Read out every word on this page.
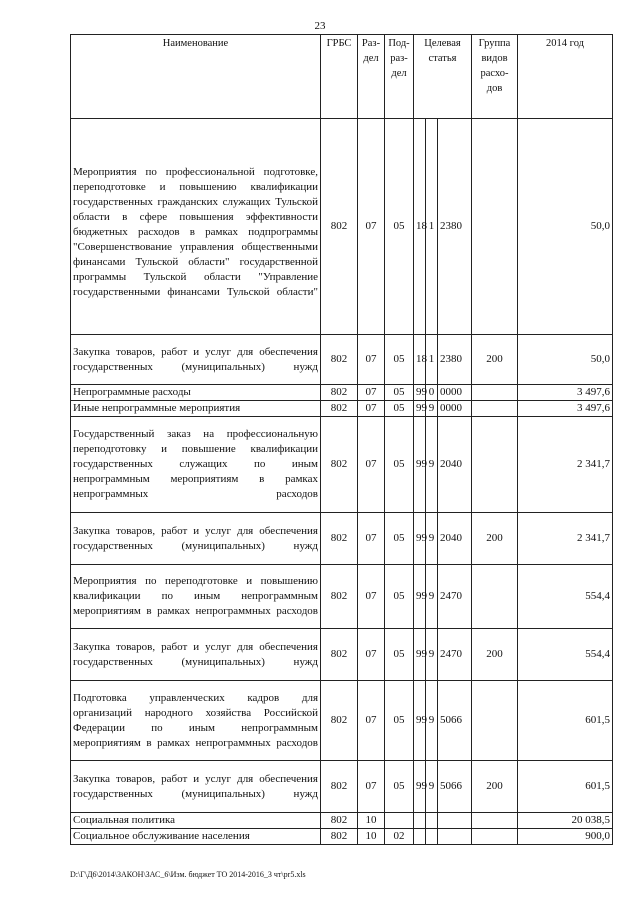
23
Наименование	ГРБС	Раз-дел	Под-раз-дел	Целевая статья			Группа видов расхо-дов	2014 год
Мероприятия по профессиональной подготовке, переподготовке и повышению квалификации государственных гражданских служащих Тульской области в сфере повышения эффективности бюджетных расходов в рамках подпрограммы "Совершенствование управления общественными финансами Тульской области" государственной программы Тульской области "Управление государственными финансами Тульской области"	802	07	05	18	1	2380		50,0
Закупка товаров, работ и услуг для обеспечения государственных (муниципальных) нужд	802	07	05	18	1	2380	200	50,0
Непрограммные расходы	802	07	05	99	0	0000		3 497,6
Иные непрограммные мероприятия	802	07	05	99	9	0000		3 497,6
Государственный заказ на профессиональную переподготовку и повышение квалификации государственных служащих по иным непрограммным мероприятиям в рамках непрограммных расходов	802	07	05	99	9	2040		2 341,7
Закупка товаров, работ и услуг для обеспечения государственных (муниципальных) нужд	802	07	05	99	9	2040	200	2 341,7
Мероприятия по переподготовке и повышению квалификации по иным непрограммным мероприятиям в рамках непрограммных расходов	802	07	05	99	9	2470		554,4
Закупка товаров, работ и услуг для обеспечения государственных (муниципальных) нужд	802	07	05	99	9	2470	200	554,4
Подготовка управленческих кадров для организаций народного хозяйства Российской Федерации по иным непрограммным мероприятиям в рамках непрограммных расходов	802	07	05	99	9	5066		601,5
Закупка товаров, работ и услуг для обеспечения государственных (муниципальных) нужд	802	07	05	99	9	5066	200	601,5
Социальная политика	802	10						20 038,5
Социальное обслуживание населения	802	10	02					900,0
D:\Г\Д6\2014\ЗАКОН\ЗАС_6\Изм. бюджет ТО 2014-2016_3 чт\pr5.xls
